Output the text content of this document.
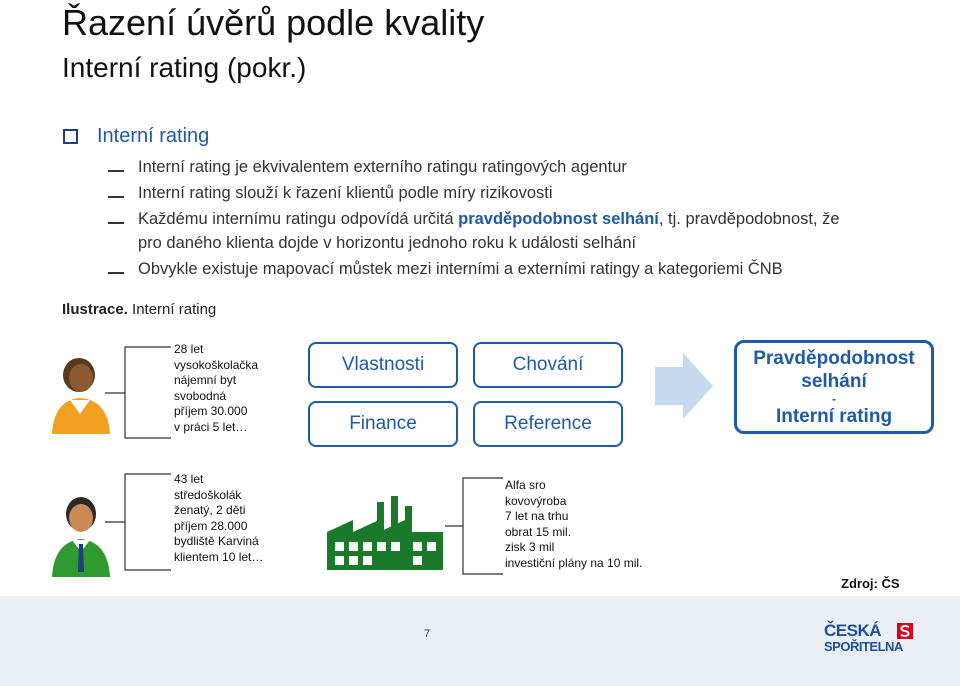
Řazení úvěrů podle kvality
Interní rating (pokr.)
Interní rating
Interní rating je ekvivalentem externího ratingu ratingových agentur
Interní rating slouží k řazení klientů podle míry rizikovosti
Každému internímu ratingu odpovídá určitá pravděpodobnost selhání, tj. pravděpodobnost, že
pro daného klienta dojde v horizontu jednoho roku k události selhání
Obvykle existuje mapovací můstek mezi interními a externími ratingy a kategoriemi ČNB
Ilustrace. Interní rating
28 let
vysokoškolačka
nájemní byt
svobodná
příjem 30.000
v práci 5 let…
Vlastnosti
Finance
Chování
Reference
Pravděpodobnost
selhání
-
Interní rating
43 let
středoškolák
ženatý, 2 děti
příjem 28.000
bydliště Karviná
klientem 10 let…
Alfa sro
kovovýroba
7 let na trhu
obrat 15 mil.
zisk 3 mil
investiční plány na 10 mil.
Zdroj: ČS
7	ČESKÁ
SPOŘITELNA
